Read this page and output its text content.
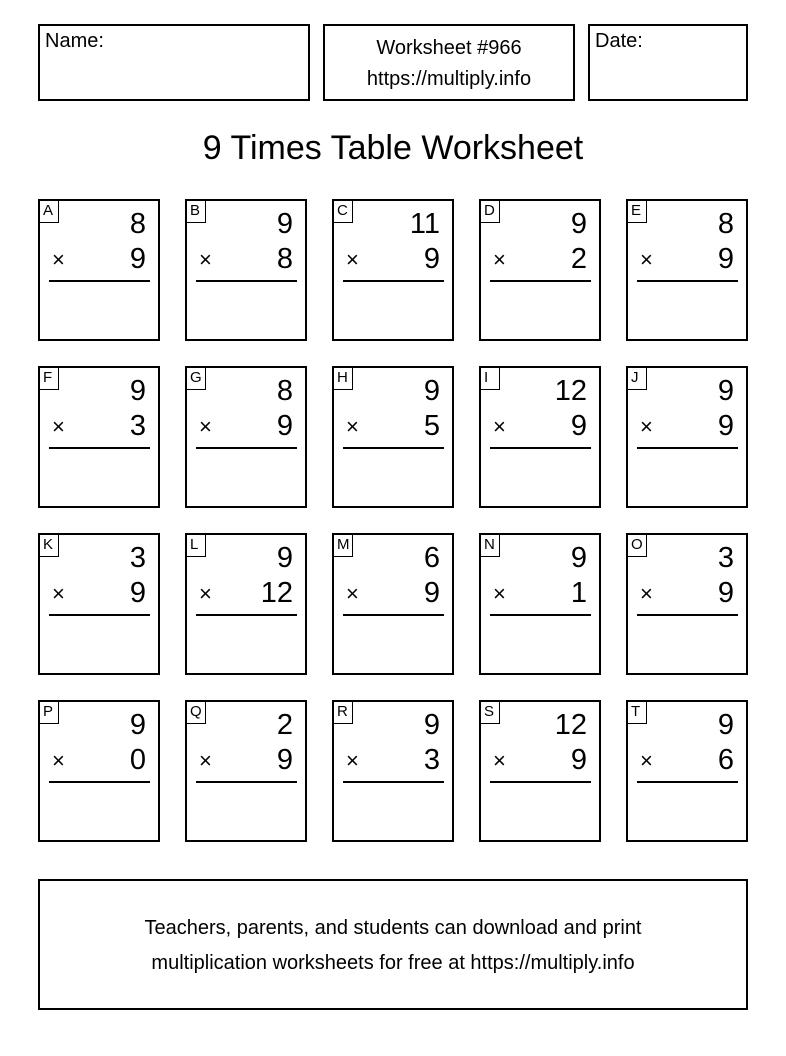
Name:	Worksheet #966
https://multiply.info
Date:
9 Times Table Worksheet
A	8
× 9
B	9
× 8
C 11
× 9
D	9
× 2
E	8
× 9
F	9
× 3
G	8
× 9
H	9
× 5
I	12
× 9
J	9
× 9
K	3
× 9
L	9
× 12
M	6
× 9
N	9
× 1
O	3
× 9
P	9
× 0
Q	2
× 9
R	9
× 3
S 12
× 9
T	9
× 6
Teachers, parents, and students can download and print
multiplication worksheets for free at https://multiply.info
